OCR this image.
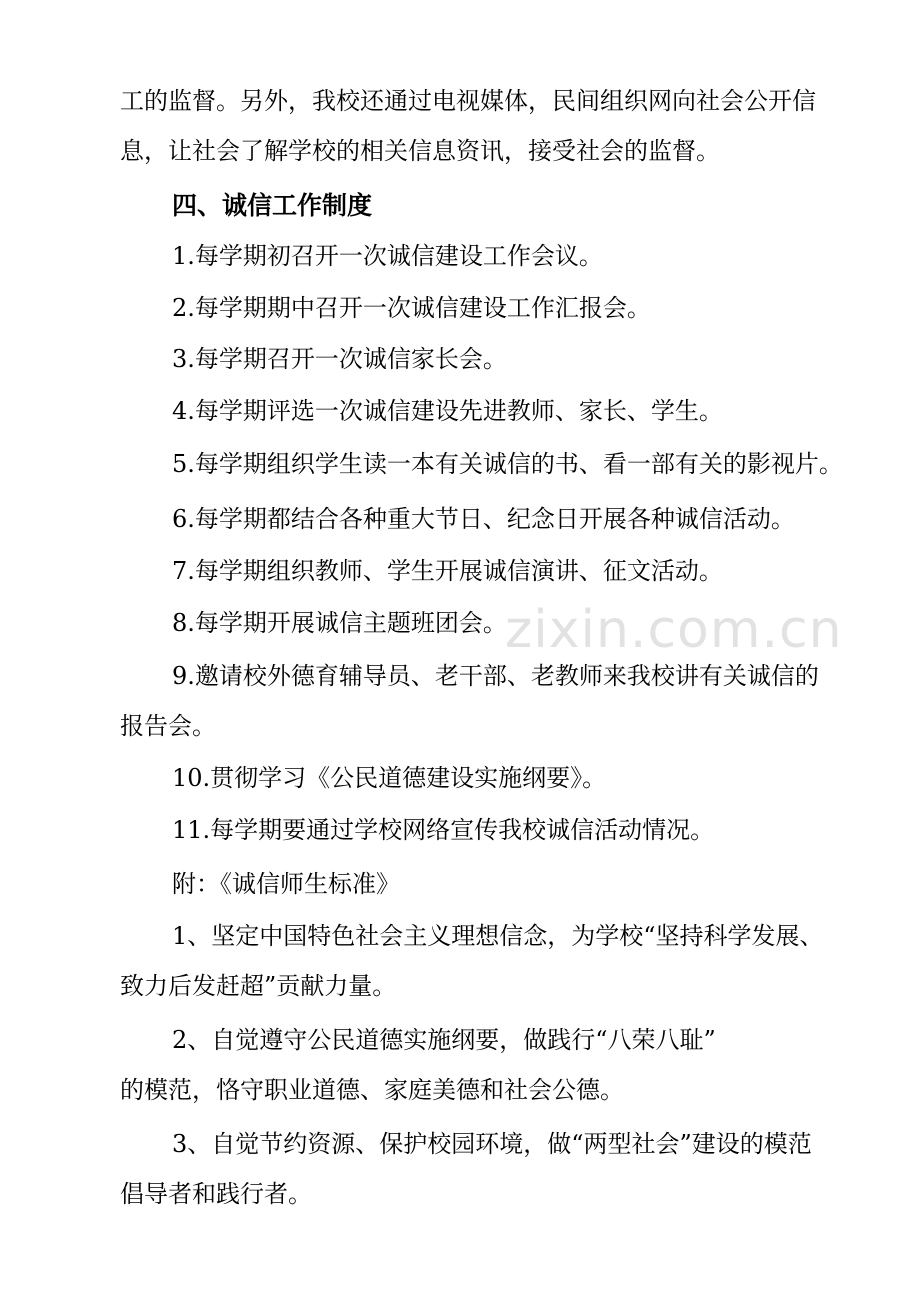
工的监督。另外，我校还通过电视媒体，民间组织网向社会公开信
息，让社会了解学校的相关信息资讯，接受社会的监督。
四、诚信工作制度
1.每学期初召开一次诚信建设工作会议。
2.每学期期中召开一次诚信建设工作汇报会。
3.每学期召开一次诚信家长会。
4.每学期评选一次诚信建设先进教师、家长、学生。
5.每学期组织学生读一本有关诚信的书、看一部有关的影视片。
6.每学期都结合各种重大节日、纪念日开展各种诚信活动。
7.每学期组织教师、学生开展诚信演讲、征文活动。
8.每学期开展诚信主题班团会。
9.邀请校外德育辅导员、老干部、老教师来我校讲有关诚信的
报告会。
10.贯彻学习《公民道德建设实施纲要》。
11.每学期要通过学校网络宣传我校诚信活动情况。
附：《诚信师生标准》
1、坚定中国特色社会主义理想信念，为学校“坚持科学发展、
致力后发赶超”贡献力量。
2、自觉遵守公民道德实施纲要，做践行“八荣八耻”
的模范，恪守职业道德、家庭美德和社会公德。
3、自觉节约资源、保护校园环境，做“两型社会”建设的模范
倡导者和践行者。
zixin.com.cn
